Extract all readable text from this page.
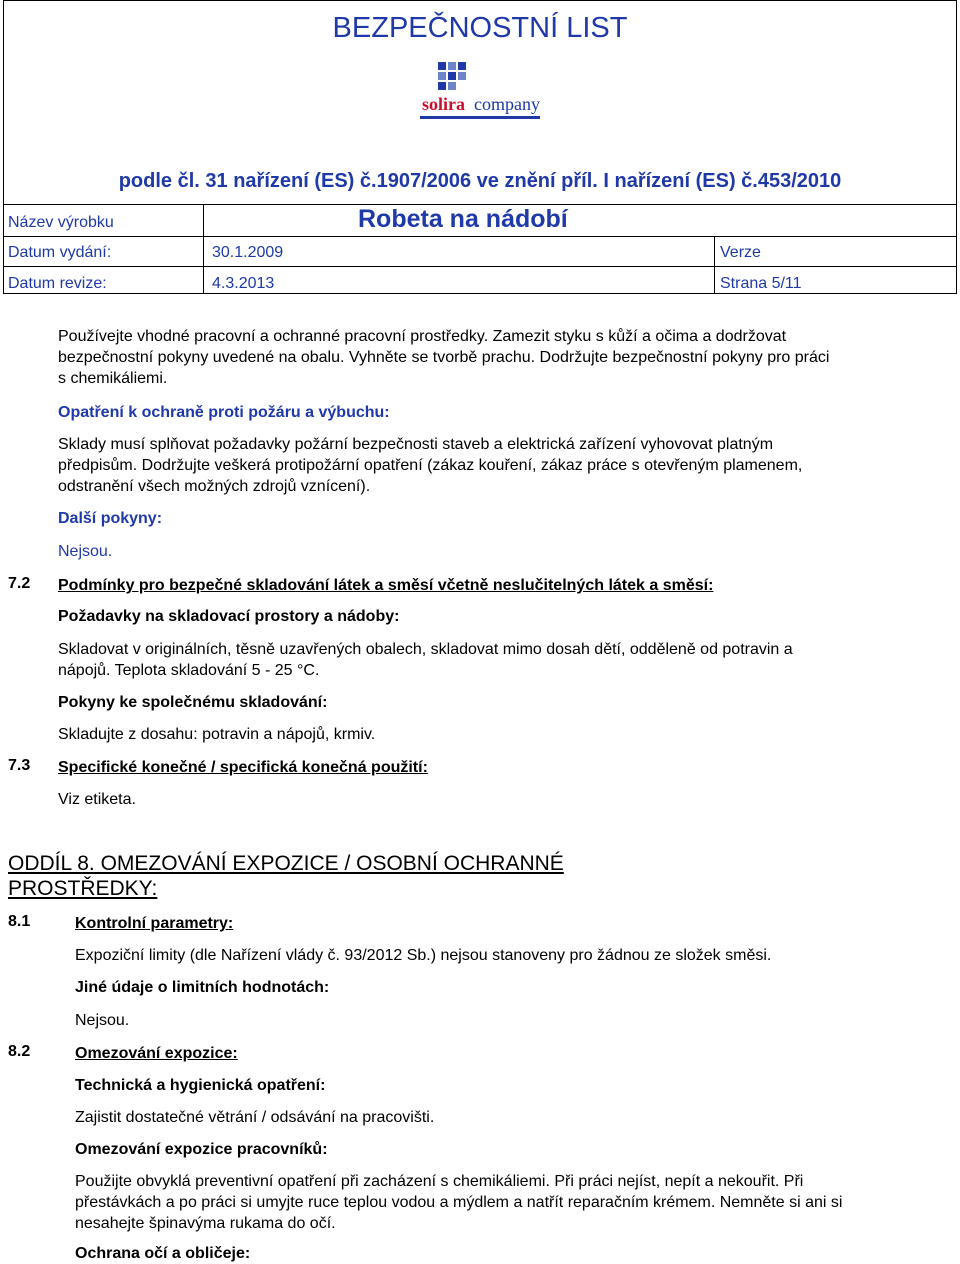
BEZPEČNOSTNÍ LIST
solira company
podle čl. 31 nařízení (ES) č.1907/2006 ve znění příl. I nařízení (ES) č.453/2010
Název výrobku	Robeta na nádobí
Datum vydání:	30.1.2009	Verze
Datum revize:	4.3.2013	Strana 5/11
Používejte vhodné pracovní a ochranné pracovní prostředky. Zamezit styku s kůží a očima a dodržovat
bezpečnostní pokyny uvedené na obalu. Vyhněte se tvorbě prachu. Dodržujte bezpečnostní pokyny pro práci
s chemikáliemi.
Opatření k ochraně proti požáru a výbuchu:
Sklady musí splňovat požadavky požární bezpečnosti staveb a elektrická zařízení vyhovovat platným
předpisům. Dodržujte veškerá protipožární opatření (zákaz kouření, zákaz práce s otevřeným plamenem,
odstranění všech možných zdrojů vznícení).
Další pokyny:
Nejsou.
7.2 Podmínky pro bezpečné skladování látek a směsí včetně neslučitelných látek a směsí:
Požadavky na skladovací prostory a nádoby:
Skladovat v originálních, těsně uzavřených obalech, skladovat mimo dosah dětí, odděleně od potravin a
nápojů. Teplota skladování 5 - 25 °C.
Pokyny ke společnému skladování:
Skladujte z dosahu: potravin a nápojů, krmiv.
7.3 Specifické konečné / specifická konečná použití:
Viz etiketa.
ODDÍL 8. OMEZOVÁNÍ EXPOZICE / OSOBNÍ OCHRANNÉ
PROSTŘEDKY:
8.1	Kontrolní parametry:
Expoziční limity (dle Nařízení vlády č. 93/2012 Sb.) nejsou stanoveny pro žádnou ze složek směsi.
Jiné údaje o limitních hodnotách:
Nejsou.
8.2	Omezování expozice:
Technická a hygienická opatření:
Zajistit dostatečné větrání / odsávání na pracovišti.
Omezování expozice pracovníků:
Použijte obvyklá preventivní opatření při zacházení s chemikáliemi. Při práci nejíst, nepít a nekouřit. Při
přestávkách a po práci si umyjte ruce teplou vodou a mýdlem a natřít reparačním krémem. Nemněte si ani si
nesahejte špinavýma rukama do očí.
Ochrana očí a obličeje:
